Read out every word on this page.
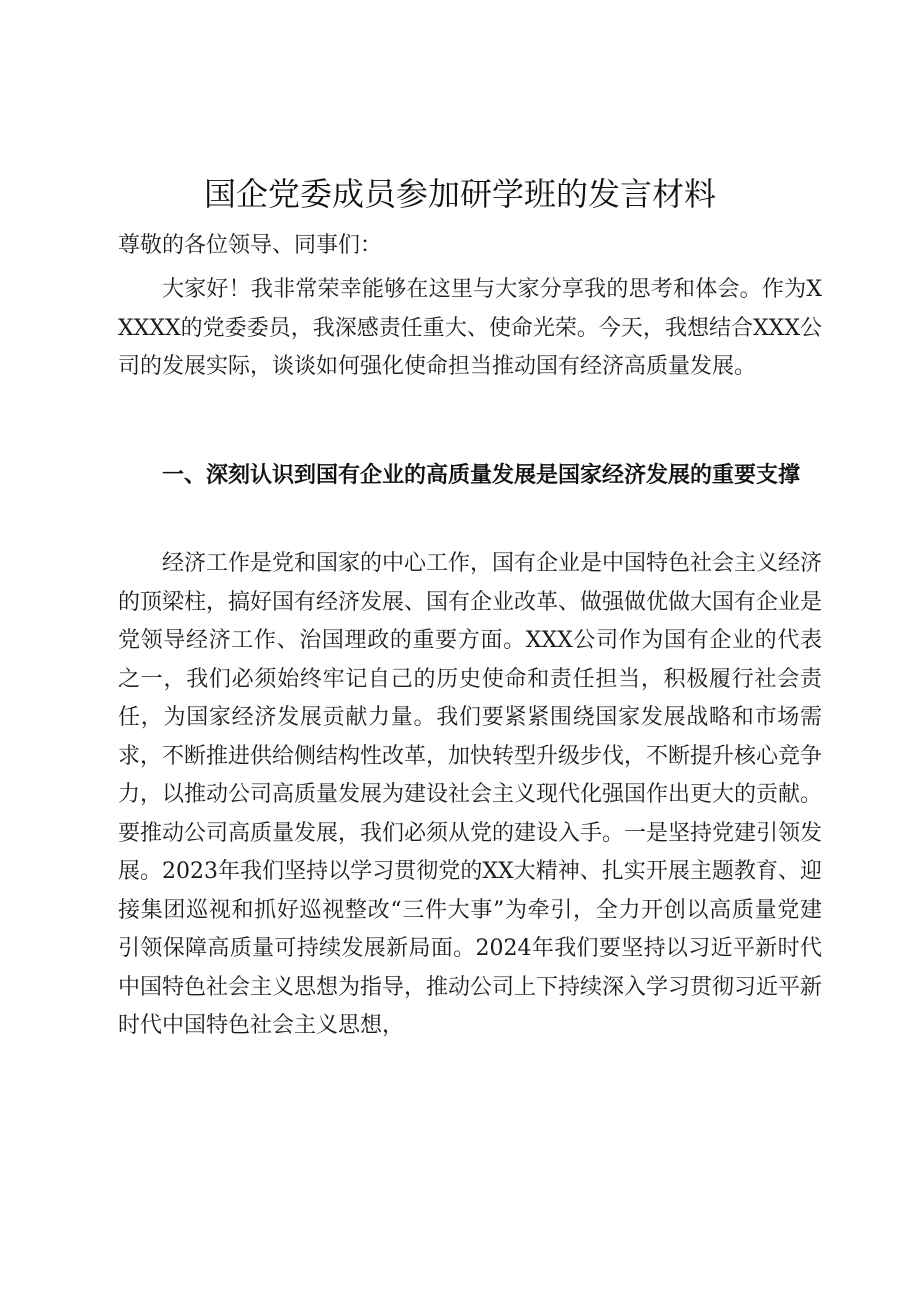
国企党委成员参加研学班的发言材料

尊敬的各位领导、同事们：

大家好！我非常荣幸能够在这里与大家分享我的思考和体会。作为XXXXX的党委委员，我深感责任重大、使命光荣。今天，我想结合XXX公司的发展实际，谈谈如何强化使命担当推动国有经济高质量发展。

一、深刻认识到国有企业的高质量发展是国家经济发展的重要支撑

经济工作是党和国家的中心工作，国有企业是中国特色社会主义经济的顶梁柱，搞好国有经济发展、国有企业改革、做强做优做大国有企业是党领导经济工作、治国理政的重要方面。XXX公司作为国有企业的代表之一，我们必须始终牢记自己的历史使命和责任担当，积极履行社会责任，为国家经济发展贡献力量。我们要紧紧围绕国家发展战略和市场需求，不断推进供给侧结构性改革，加快转型升级步伐，不断提升核心竞争力，以推动公司高质量发展为建设社会主义现代化强国作出更大的贡献。要推动公司高质量发展，我们必须从党的建设入手。一是坚持党建引领发展。2023年我们坚持以学习贯彻党的XX大精神、扎实开展主题教育、迎接集团巡视和抓好巡视整改“三件大事”为牵引，全力开创以高质量党建引领保障高质量可持续发展新局面。2024年我们要坚持以习近平新时代中国特色社会主义思想为指导，推动公司上下持续深入学习贯彻习近平新时代中国特色社会主义思想，
